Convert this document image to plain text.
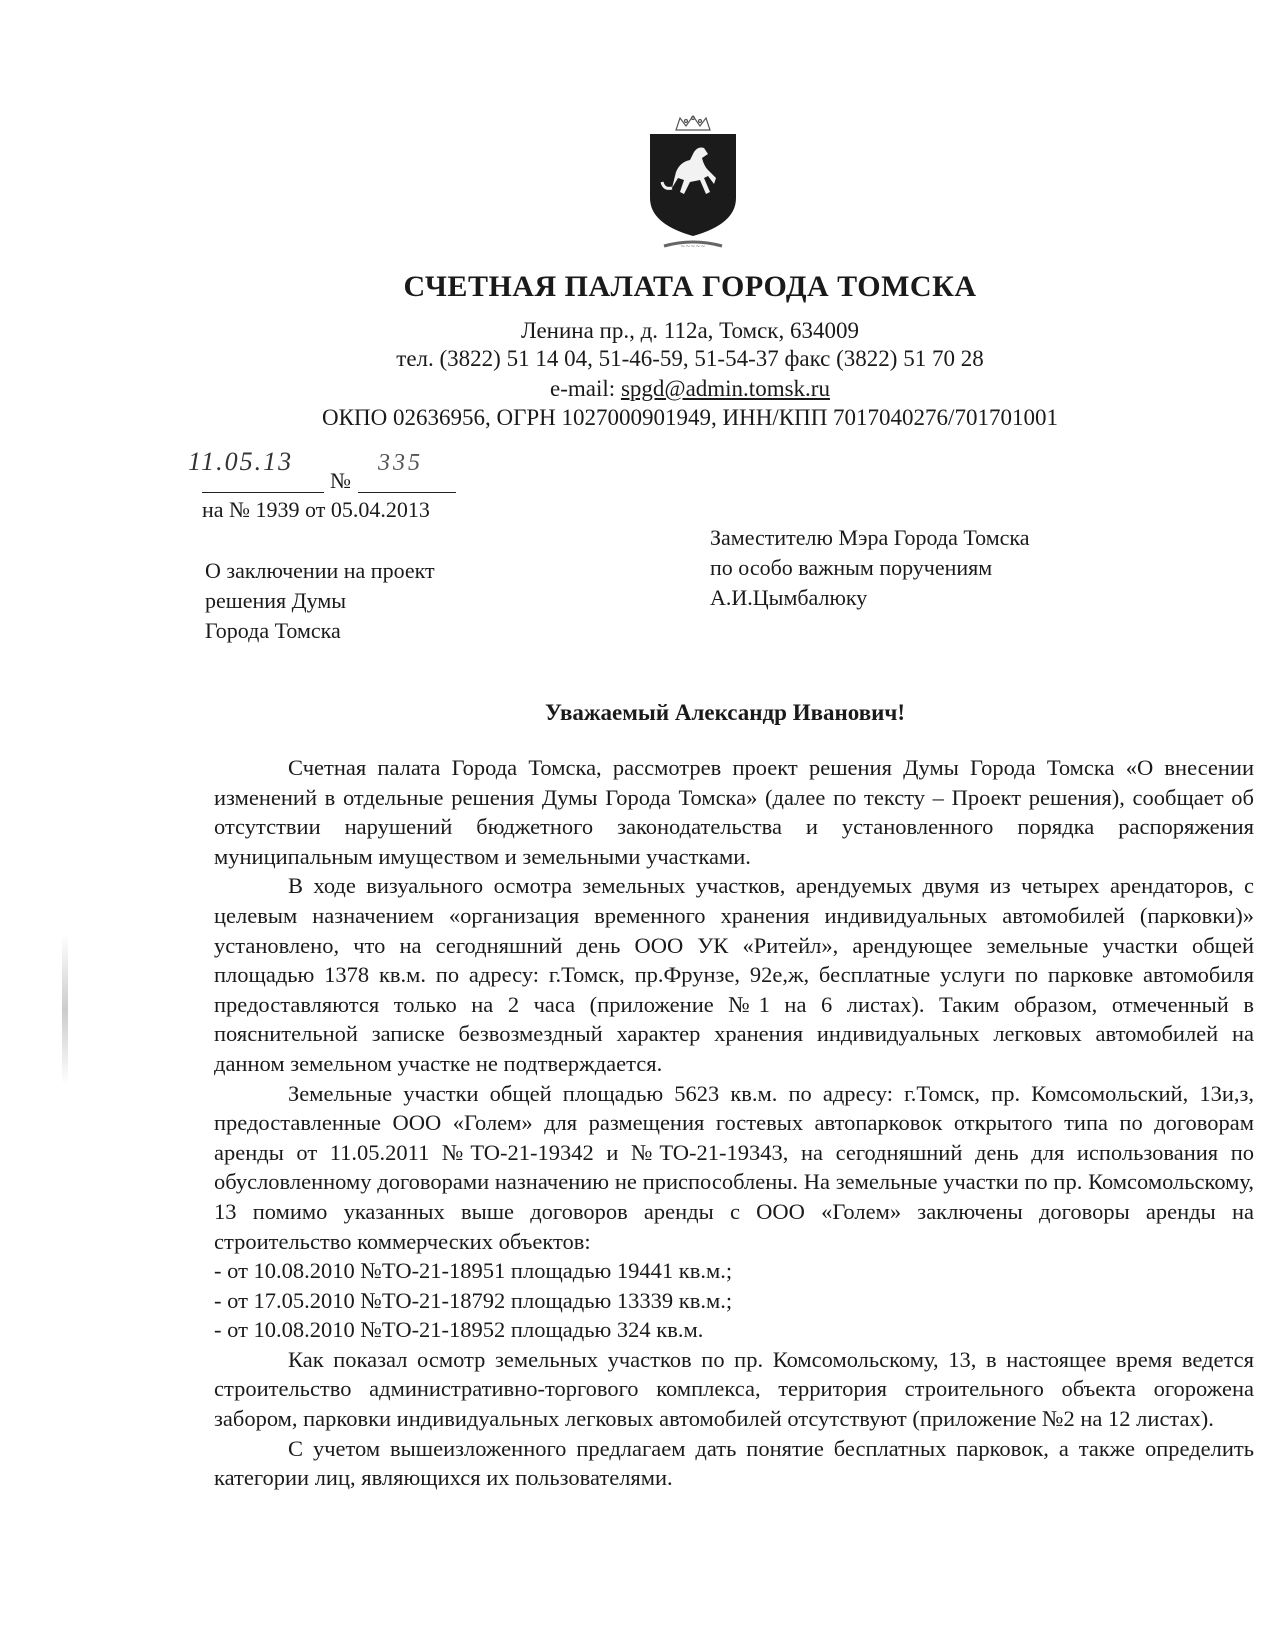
~~~~~
СЧЕТНАЯ ПАЛАТА ГОРОДА ТОМСКА
Ленина пр., д. 112а, Томск, 634009
тел. (3822) 51 14 04, 51-46-59, 51-54-37 факс (3822) 51 70 28
e-mail: spgd@admin.tomsk.ru
ОКПО 02636956, ОГРН 1027000901949, ИНН/КПП 7017040276/701701001
11.05.13
№
335
на № 1939 от 05.04.2013
О заключении на проект
решения Думы
Города Томска
Заместителю Мэра Города Томска
по особо важным поручениям
А.И.Цымбалюку
Уважаемый Александр Иванович!

Счетная палата Города Томска, рассмотрев проект решения Думы Города Томска «О внесении изменений в отдельные решения Думы Города Томска» (далее по тексту – Проект решения), сообщает об отсутствии нарушений бюджетного законодательства и установленного порядка распоряжения муниципальным имуществом и земельными участками.

В ходе визуального осмотра земельных участков, арендуемых двумя из четырех арендаторов, с целевым назначением «организация временного хранения индивидуальных автомобилей (парковки)» установлено, что на сегодняшний день ООО УК «Ритейл», арендующее земельные участки общей площадью 1378 кв.м. по адресу: г.Томск, пр.Фрунзе, 92е,ж, бесплатные услуги по парковке автомобиля предоставляются только на 2 часа (приложение №1 на 6 листах). Таким образом, отмеченный в пояснительной записке безвозмездный характер хранения индивидуальных легковых автомобилей на данном земельном участке не подтверждается.

Земельные участки общей площадью 5623 кв.м. по адресу: г.Томск, пр. Комсомольский, 13и,з, предоставленные ООО «Голем» для размещения гостевых автопарковок открытого типа по договорам аренды от 11.05.2011 №ТО-21-19342 и №ТО-21-19343, на сегодняшний день для использования по обусловленному договорами назначению не приспособлены. На земельные участки по пр. Комсомольскому, 13 помимо указанных выше договоров аренды с ООО «Голем» заключены договоры аренды на строительство коммерческих объектов:

- от 10.08.2010 №ТО-21-18951 площадью 19441 кв.м.;

- от 17.05.2010 №ТО-21-18792 площадью 13339 кв.м.;

- от 10.08.2010 №ТО-21-18952 площадью 324 кв.м.

Как показал осмотр земельных участков по пр. Комсомольскому, 13, в настоящее время ведется строительство административно-торгового комплекса, территория строительного объекта огорожена забором, парковки индивидуальных легковых автомобилей отсутствуют (приложение №2 на 12 листах).

С учетом вышеизложенного предлагаем дать понятие бесплатных парковок, а также определить категории лиц, являющихся их пользователями.
